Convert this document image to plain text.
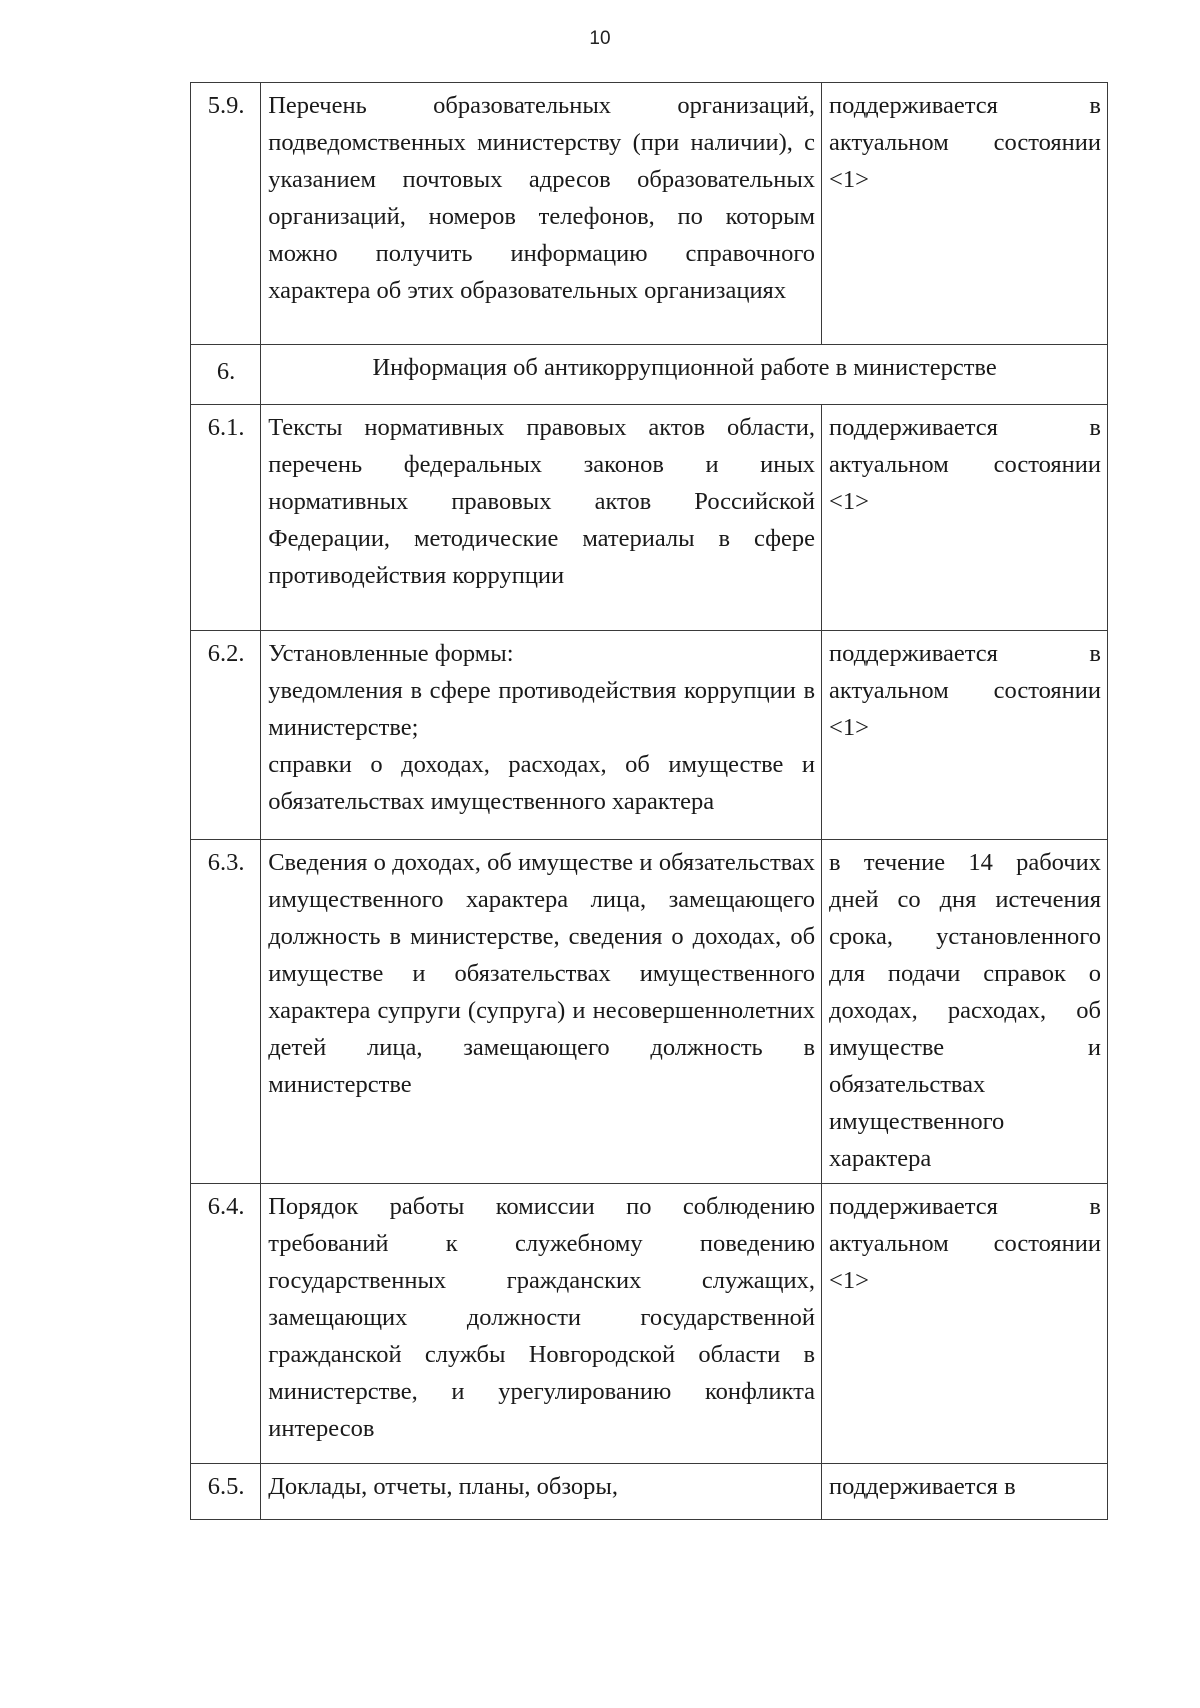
10
5.9.	Перечень образовательных организаций, подведомственных министерству (при наличии), с указанием почтовых адресов образовательных организаций, номеров телефонов, по которым можно получить информацию справочного характера об этих образовательных организациях	поддерживается в актуальном состоянии <1>
6.	Информация об антикоррупционной работе в министерстве	
6.1.	Тексты нормативных правовых актов области, перечень федеральных законов и иных нормативных правовых актов Российской Федерации, методические материалы в сфере противодействия коррупции	поддерживается в актуальном состоянии <1>
6.2.	Установленные формы:
уведомления в сфере противодействия коррупции в министерстве;
справки о доходах, расходах, об имуществе и обязательствах имущественного характера	поддерживается в актуальном состоянии <1>
6.3.	Сведения о доходах, об имуществе и обязательствах имущественного характера лица, замещающего должность в министерстве, сведения о доходах, об имуществе и обязательствах имущественного характера супруги (супруга) и несовершеннолетних детей лица, замещающего должность в министерстве	в течение 14 рабочих дней со дня истечения срока, установленного для подачи справок о доходах, расходах, об имуществе и обязательствах имущественного характера
6.4.	Порядок работы комиссии по соблюдению требований к служебному поведению государственных гражданских служащих, замещающих должности государственной гражданской службы Новгородской области в министерстве, и урегулированию конфликта интересов	поддерживается в актуальном состоянии <1>
6.5.	Доклады, отчеты, планы, обзоры,	поддерживается в
